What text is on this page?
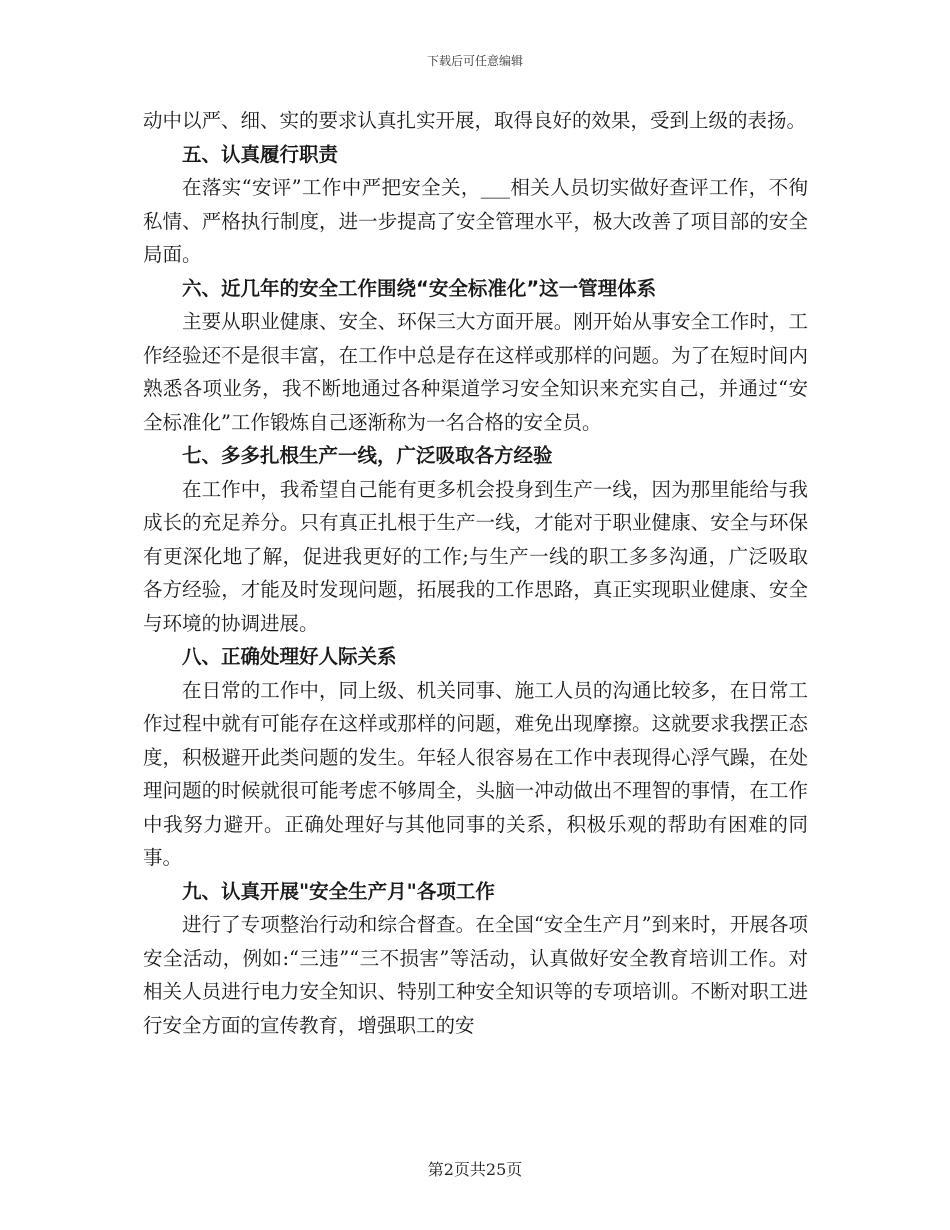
下载后可任意编辑

动中以严、细、实的要求认真扎实开展，取得良好的效果，受到上级的表扬。

五、认真履行职责

在落实“安评”工作中严把安全关，___相关人员切实做好查评工作，不徇私情、严格执行制度，进一步提高了安全管理水平，极大改善了项目部的安全局面。

六、近几年的安全工作围绕“安全标准化”这一管理体系

主要从职业健康、安全、环保三大方面开展。刚开始从事安全工作时，工作经验还不是很丰富，在工作中总是存在这样或那样的问题。为了在短时间内熟悉各项业务，我不断地通过各种渠道学习安全知识来充实自己，并通过“安全标准化”工作锻炼自己逐渐称为一名合格的安全员。

七、多多扎根生产一线，广泛吸取各方经验

在工作中，我希望自己能有更多机会投身到生产一线，因为那里能给与我成长的充足养分。只有真正扎根于生产一线，才能对于职业健康、安全与环保有更深化地了解，促进我更好的工作;与生产一线的职工多多沟通，广泛吸取各方经验，才能及时发现问题，拓展我的工作思路，真正实现职业健康、安全与环境的协调进展。

八、正确处理好人际关系

在日常的工作中，同上级、机关同事、施工人员的沟通比较多，在日常工作过程中就有可能存在这样或那样的问题，难免出现摩擦。这就要求我摆正态度，积极避开此类问题的发生。年轻人很容易在工作中表现得心浮气躁，在处理问题的时候就很可能考虑不够周全，头脑一冲动做出不理智的事情，在工作中我努力避开。正确处理好与其他同事的关系，积极乐观的帮助有困难的同事。

九、认真开展"安全生产月"各项工作

进行了专项整治行动和综合督查。在全国“安全生产月”到来时，开展各项安全活动，例如:“三违”“三不损害”等活动，认真做好安全教育培训工作。对相关人员进行电力安全知识、特别工种安全知识等的专项培训。不断对职工进行安全方面的宣传教育，增强职工的安

第2页共25页
